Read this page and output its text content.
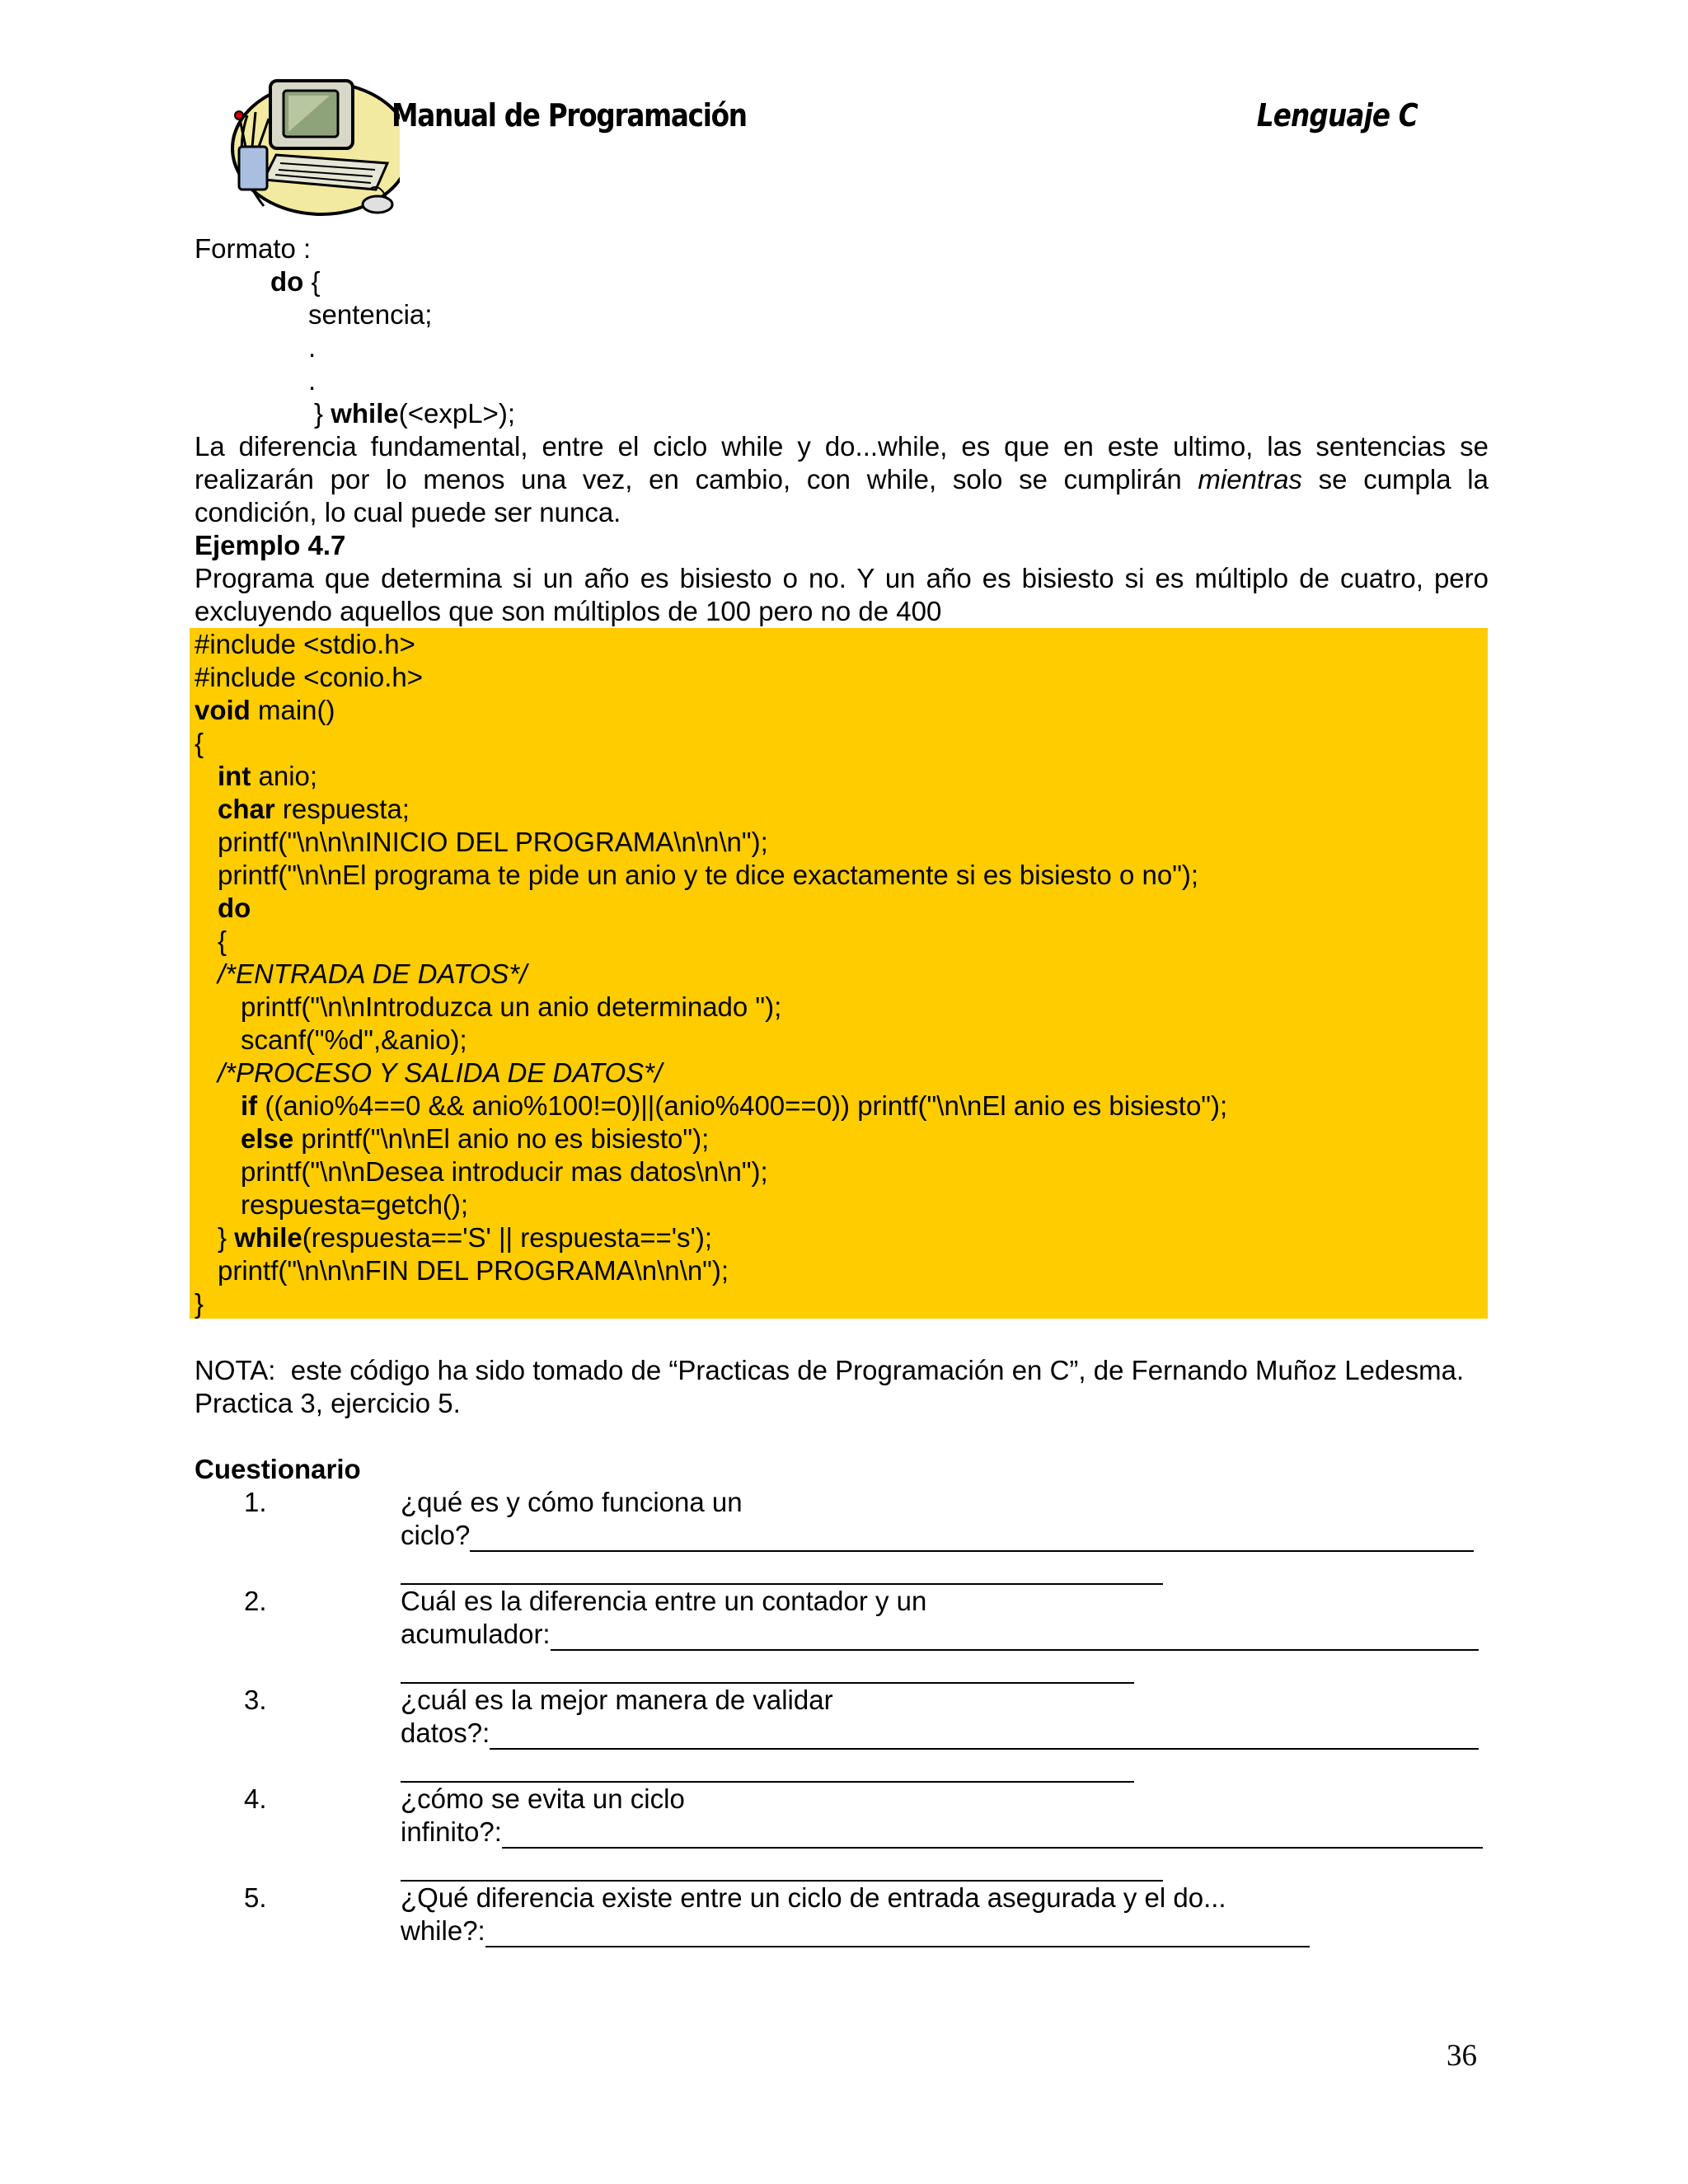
Manual de Programación	Lenguaje C
Formato :
do {
sentencia;
.
.
} while(<expL>);
La diferencia fundamental, entre el ciclo while y do...while, es que en este ultimo, las sentencias se
realizarán por lo menos una vez, en cambio, con while, solo se cumplirán mientras se cumpla la
condición, lo cual puede ser nunca.
Ejemplo 4.7
Programa que determina si un año es bisiesto o no. Y un año es bisiesto si es múltiplo de cuatro, pero
excluyendo aquellos que son múltiplos de 100 pero no de 400
#include <stdio.h>
#include <conio.h>
void main()
{
int anio;
char respuesta;
printf("\n\n\nINICIO DEL PROGRAMA\n\n\n");
printf("\n\nEl programa te pide un anio y te dice exactamente si es bisiesto o no");
do
{
/*ENTRADA DE DATOS*/
printf("\n\nIntroduzca un anio determinado ");
scanf("%d",&anio);
/*PROCESO Y SALIDA DE DATOS*/
if ((anio%4==0 && anio%100!=0)||(anio%400==0)) printf("\n\nEl anio es bisiesto");
else printf("\n\nEl anio no es bisiesto");
printf("\n\nDesea introducir mas datos\n\n");
respuesta=getch();
} while(respuesta=='S' || respuesta=='s');
printf("\n\n\nFIN DEL PROGRAMA\n\n\n");
}
NOTA:  este código ha sido tomado de “Practicas de Programación en C”, de Fernando Muñoz Ledesma.
Practica 3, ejercicio 5.
Cuestionario
1.	¿qué es y cómo funciona un
ciclo?
2.	Cuál es la diferencia entre un contador y un
acumulador:
3.	¿cuál es la mejor manera de validar
datos?:
4.	¿cómo se evita un ciclo
infinito?:
5.	¿Qué diferencia existe entre un ciclo de entrada asegurada y el do...
while?:
36
